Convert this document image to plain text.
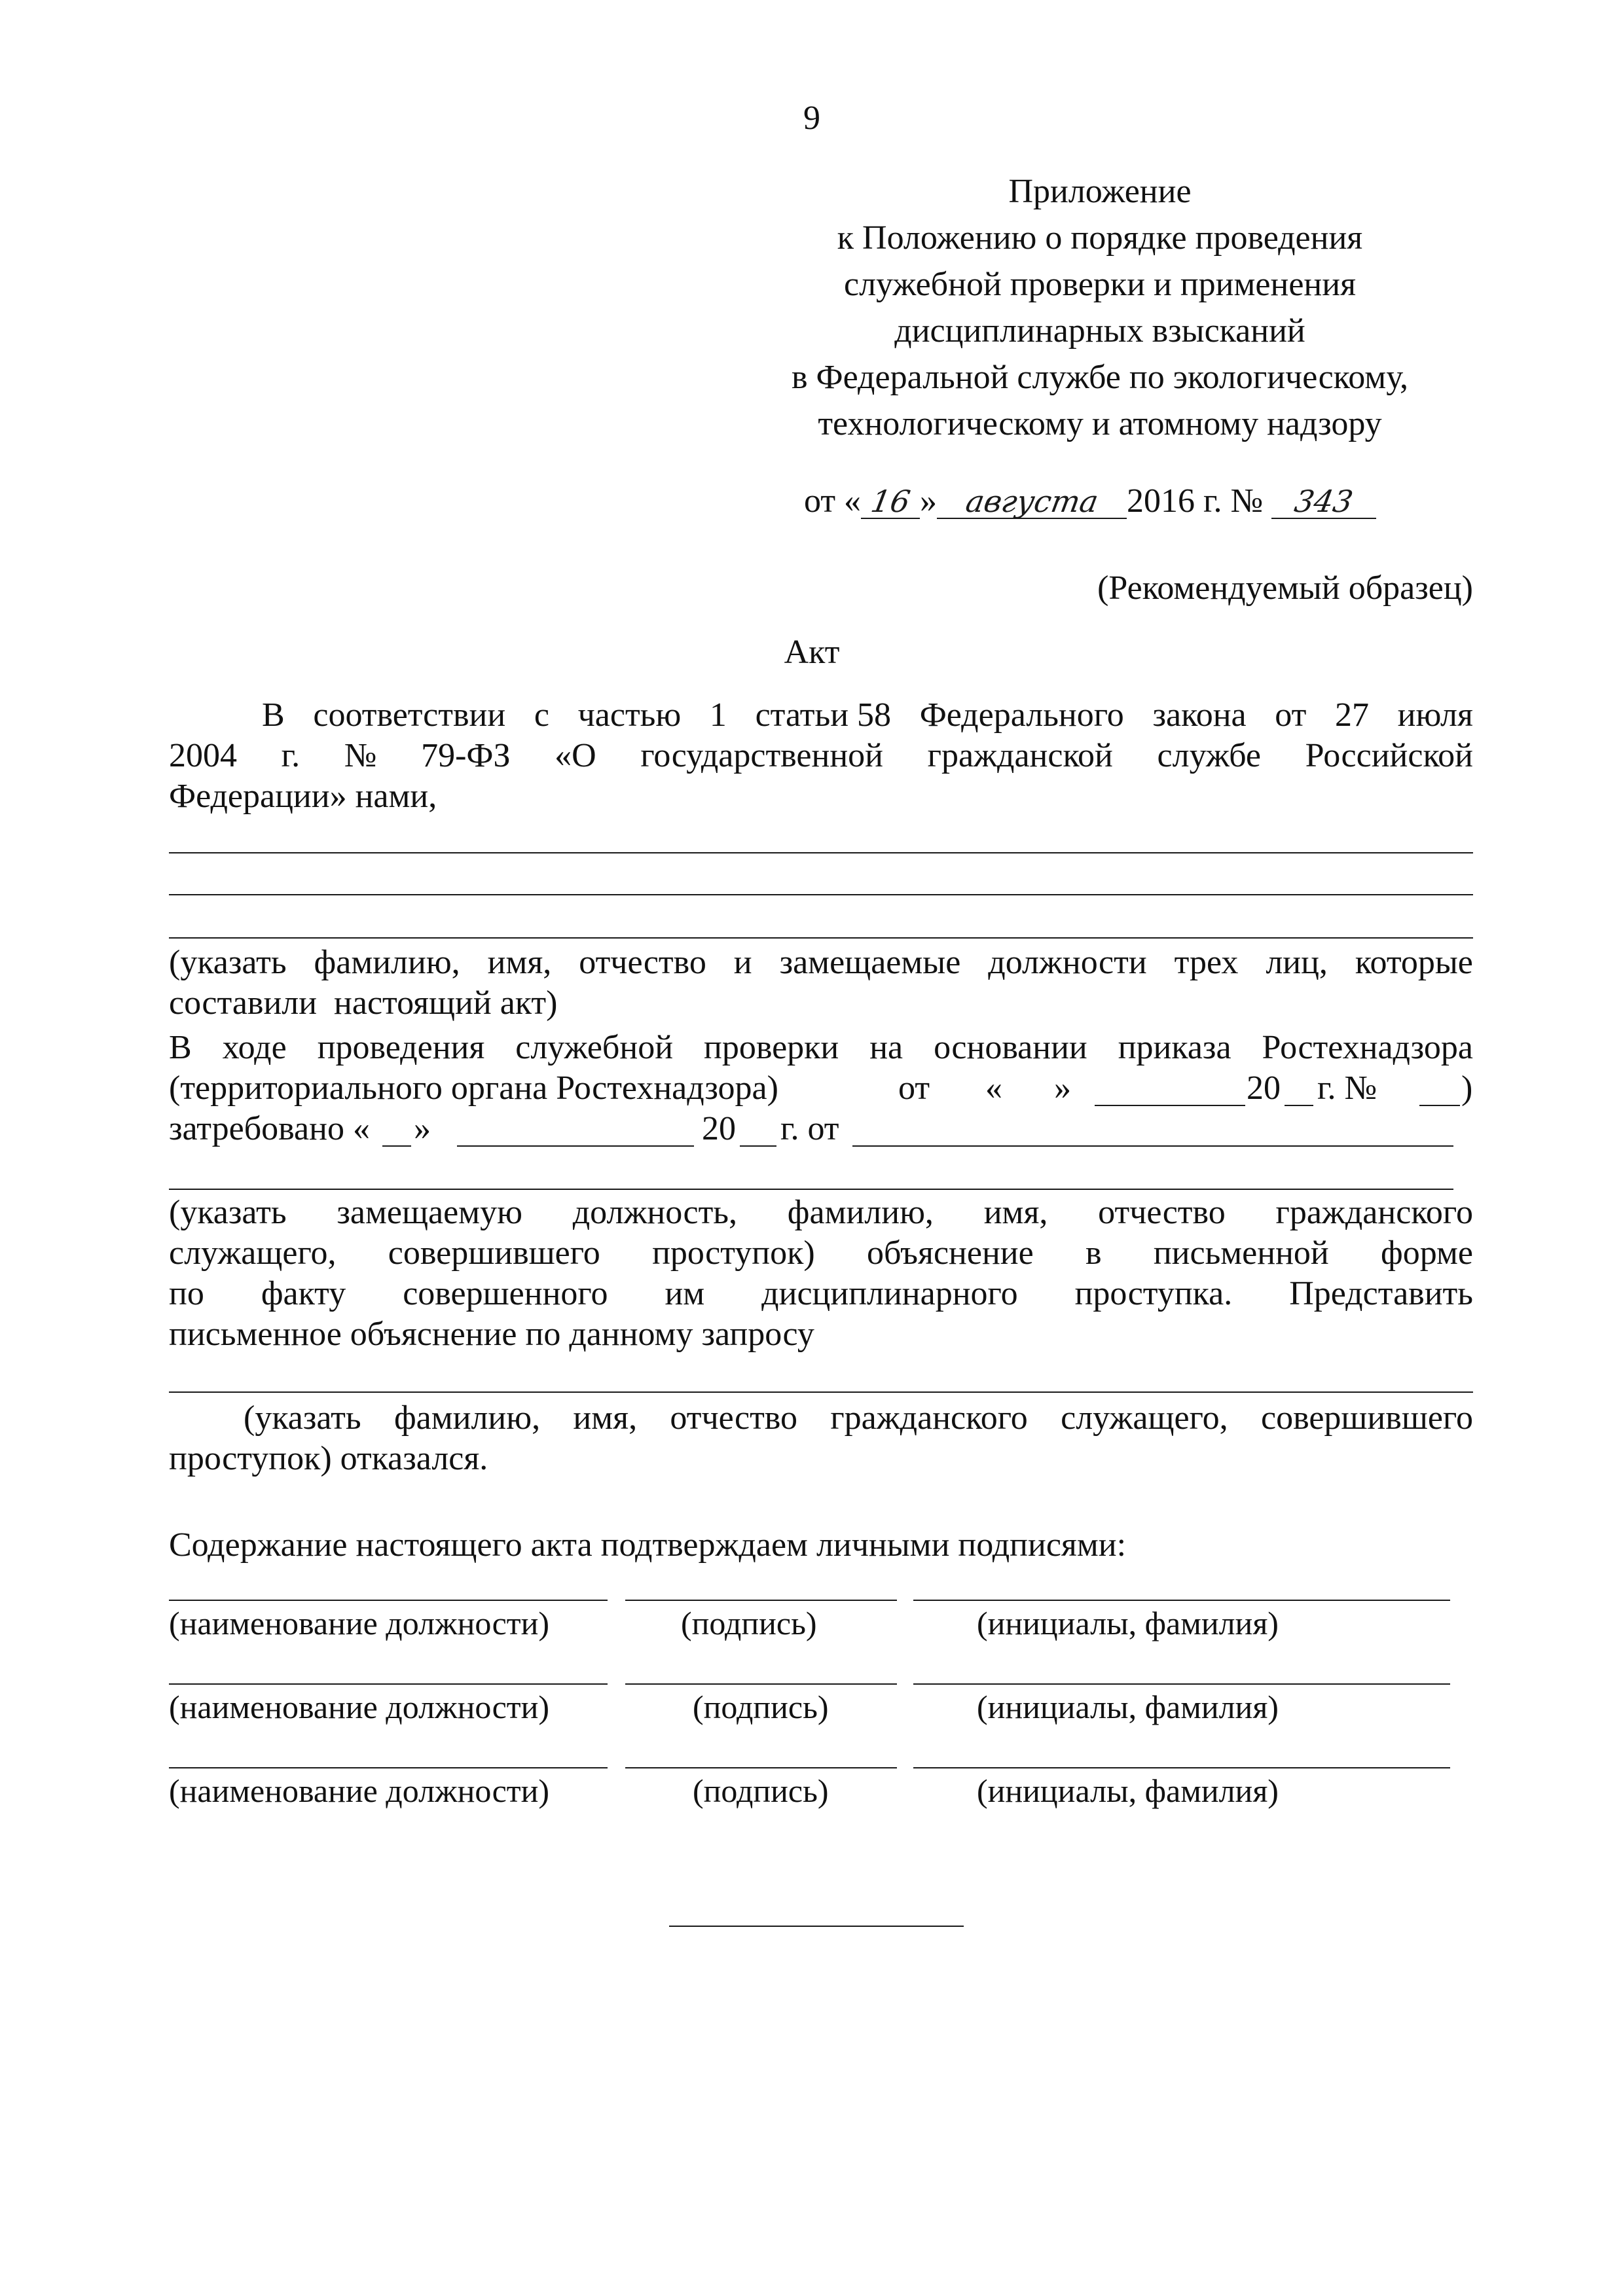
9
Приложение
к Положению о порядке проведения
служебной проверки и применения
дисциплинарных взысканий
в Федеральной службе по экологическому,
технологическому и атомному надзору
от « 16 » августа 2016 г. № 343
(Рекомендуемый образец)
Акт
В соответствии с частью 1 статьи 58 Федерального закона от 27 июля
2004 г. № 79-ФЗ «О государственной гражданской службе Российской
Федерации» нами,
(указать фамилию, имя, отчество и замещаемые должности трех лиц, которые
составили  настоящий акт)
В ходе проведения служебной проверки на основании приказа Ростехнадзора
(территориального органа Ростехнадзора)	от « »	20 г. № )
затребовано « »	20 г. от
(указать замещаемую должность, фамилию, имя, отчество гражданского
служащего, совершившего проступок) объяснение в письменной форме
по факту совершенного им дисциплинарного проступка. Представить
письменное объяснение по данному запросу
(указать фамилию, имя, отчество гражданского служащего, совершившего
проступок) отказался.
Содержание настоящего акта подтверждаем личными подписями:
(наименование должности)	(подпись)	(инициалы, фамилия)
(наименование должности)	(подпись)	(инициалы, фамилия)
(наименование должности)	(подпись)	(инициалы, фамилия)
